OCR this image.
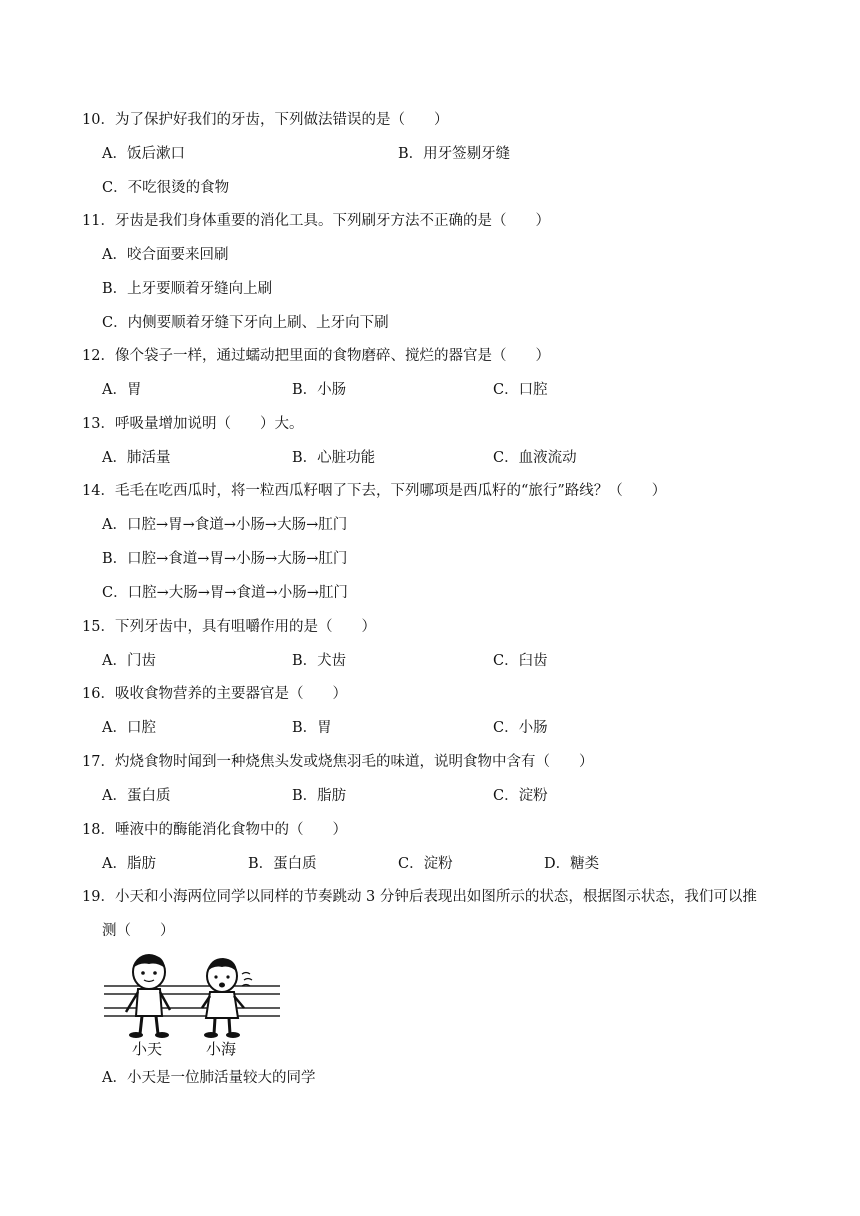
10．为了保护好我们的牙齿，下列做法错误的是（　　）
A．饭后漱口	B．用牙签剔牙缝
C．不吃很烫的食物
11．牙齿是我们身体重要的消化工具。下列刷牙方法不正确的是（　　）
A．咬合面要来回刷
B．上牙要顺着牙缝向上刷
C．内侧要顺着牙缝下牙向上刷、上牙向下刷
12．像个袋子一样，通过蠕动把里面的食物磨碎、搅烂的器官是（　　）
A．胃	B．小肠	C．口腔
13．呼吸量增加说明（　　）大。
A．肺活量	B．心脏功能	C．血液流动
14．毛毛在吃西瓜时，将一粒西瓜籽咽了下去，下列哪项是西瓜籽的“旅行”路线？（　　）
A．口腔→胃→食道→小肠→大肠→肛门
B．口腔→食道→胃→小肠→大肠→肛门
C．口腔→大肠→胃→食道→小肠→肛门
15．下列牙齿中，具有咀嚼作用的是（　　）
A．门齿	B．犬齿	C．臼齿
16．吸收食物营养的主要器官是（　　）
A．口腔	B．胃	C．小肠
17．灼烧食物时闻到一种烧焦头发或烧焦羽毛的味道，说明食物中含有（　　）
A．蛋白质	B．脂肪	C．淀粉
18．唾液中的酶能消化食物中的（　　）
A．脂肪	B．蛋白质	C．淀粉	D．糖类
19．小天和小海两位同学以同样的节奏跳动 3 分钟后表现出如图所示的状态，根据图示状态，我们可以推
测（　　）
小天	小海
A．小天是一位肺活量较大的同学
